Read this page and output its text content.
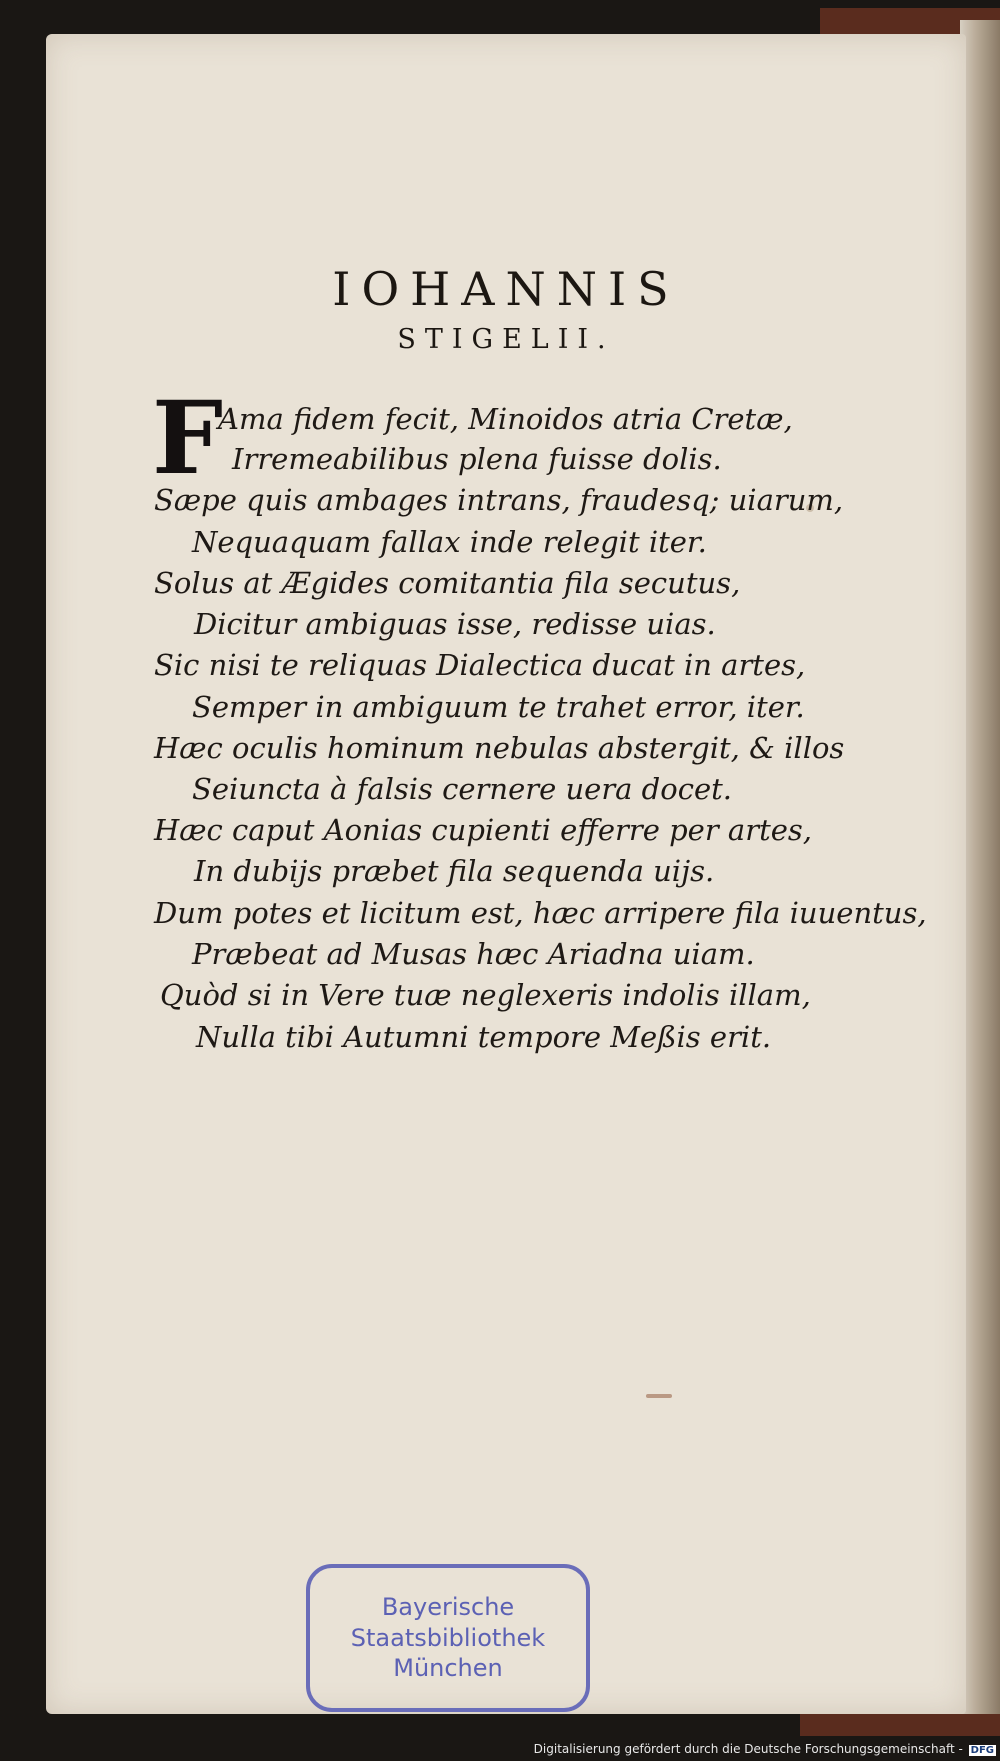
IOHANNIS
STIGELII.
F
Ama fidem fecit, Minoidos atria Cretæ,
Irremeabilibus plena fuisse dolis.
Sæpe quis ambages intrans, fraudesq; uiarum,
Nequaquam fallax inde relegit iter.
Solus at Ægides comitantia fila secutus,
Dicitur ambiguas isse, redisse uias.
Sic nisi te reliquas Dialectica ducat in artes,
Semper in ambiguum te trahet error, iter.
Hæc oculis hominum nebulas abstergit, & illos
Seiuncta à falsis cernere uera docet.
Hæc caput Aonias cupienti efferre per artes,
In dubijs præbet fila sequenda uijs.
Dum potes et licitum est, hæc arripere fila iuuentus,
Præbeat ad Musas hæc Ariadna uiam.
Quòd si in Vere tuæ neglexeris indolis illam,
Nulla tibi Autumni tempore Meßis erit.
Bayerische
Staatsbibliothek
München
Digitalisierung gefördert durch die Deutsche Forschungsgemeinschaft - DFG
